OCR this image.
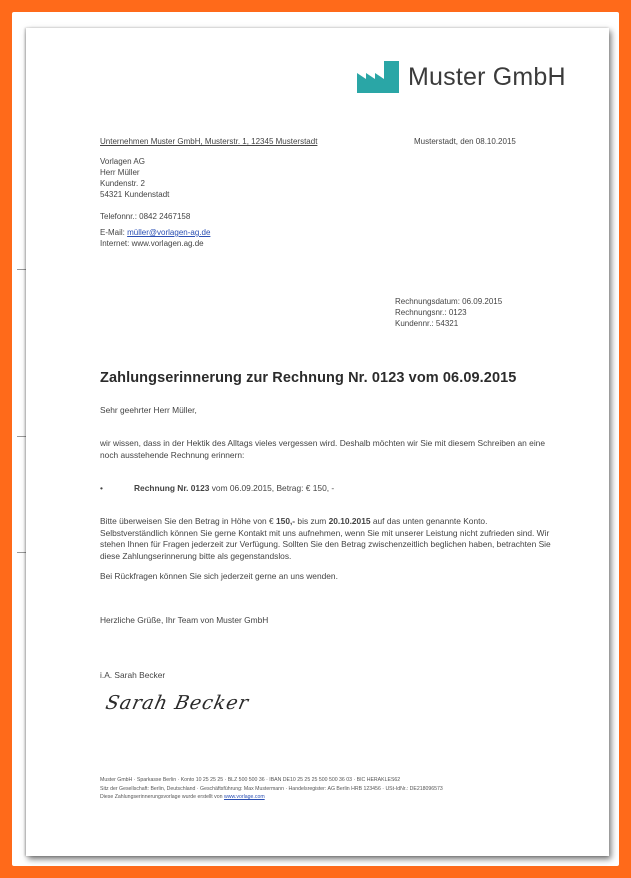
Muster GmbH
Unternehmen Muster GmbH, Musterstr. 1, 12345 Musterstadt	Musterstadt, den 08.10.2015
Vorlagen AG
Herr Müller
Kundenstr. 2
54321 Kundenstadt
Telefonnr.: 0842 2467158
E-Mail: müller@vorlagen-ag.de
Internet: www.vorlagen.ag.de
Rechnungsdatum: 06.09.2015
Rechnungsnr.: 0123
Kundennr.: 54321
Zahlungserinnerung zur Rechnung Nr. 0123 vom 06.09.2015
Sehr geehrter Herr Müller,
wir wissen, dass in der Hektik des Alltags vieles vergessen wird. Deshalb möchten wir Sie mit diesem Schreiben an eine noch ausstehende Rechnung erinnern:
•	Rechnung Nr. 0123 vom 06.09.2015, Betrag: € 150, -
Bitte überweisen Sie den Betrag in Höhe von € 150,- bis zum 20.10.2015 auf das unten genannte Konto. Selbstverständlich können Sie gerne Kontakt mit uns aufnehmen, wenn Sie mit unserer Leistung nicht zufrieden sind. Wir stehen Ihnen für Fragen jederzeit zur Verfügung. Sollten Sie den Betrag zwischenzeitlich beglichen haben, betrachten Sie diese Zahlungserinnerung bitte als gegenstandslos.
Bei Rückfragen können Sie sich jederzeit gerne an uns wenden.
Herzliche Grüße, Ihr Team von Muster GmbH
i.A. Sarah Becker
Sarah Becker
Muster GmbH · Sparkasse Berlin · Konto 10 25 25 25 · BLZ 500 500 36 · IBAN DE10 25 25 25 500 500 36 03 · BIC HERAKLES62
Sitz der Gesellschaft: Berlin, Deutschland · Geschäftsführung: Max Mustermann · Handelsregister: AG Berlin HRB 123456 · USt-IdNr.: DE218096573
Diese Zahlungserinnerungsvorlage wurde erstellt von www.vorlage.com
